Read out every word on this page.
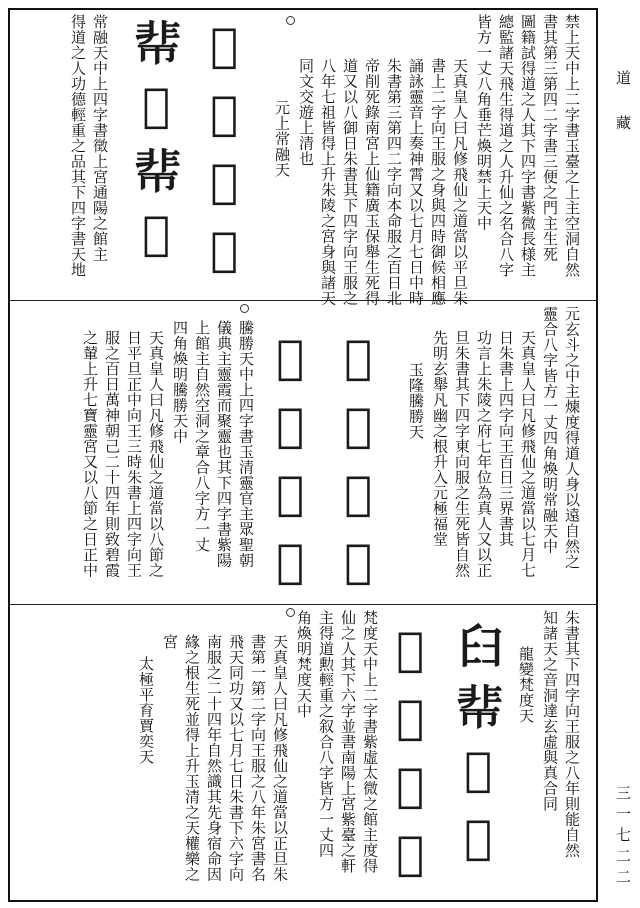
道藏
三一七二二
禁上天中上二字書玉臺之上主空洞自然
書其第三第四二字書三便之門主生死
圖籍試得道之人其下四字書紫微長様主
總監諸天飛生得道之人升仙之名合八字
皆方一丈八角垂芒煥明禁上天中
天真皇人曰凡修飛仙之道當以平旦朱
書上二字向王服之身與四時御候相應
誦詠靈音上奏神霄又以七月七日中時
朱書第三第四二字向本命服之百日北
帝削死錄南宮上仙籍廣玉保舉生死得
道又以八御日朱書其下四字向王服之
八年七祖皆得上升朱陵之宮身與諸天
同文交遊上清也
元上常融天
𧇊𧆳𩇱𥥀
𩇱𧆳𩇱𥥀
常融天中上四字書徵上宮通陽之館主
得道之人功德輕重之品其下四字書天地
元玄斗之中主煉度得道人身以遠自然之
靈合八字皆方一丈四角煥明常融天中
天真皇人曰凡修飛仙之道當以七月七
日朱書上四字向王百日三界書其
功言上朱陵之府七年位為真人又以正
旦朱書其下四字東向服之生死皆自然
先明玄舉凡幽之根升入元極福堂
玉隆騰勝天
𦉍𦥑𩇱𥥀
𧆳𧇊𩇱𥥀
騰勝天中上四字書玉清靈官主眾聖朝
儀典主靈霞而聚靈也其下四字書紫陽
上館主自然空洞之章合八字方一丈
四角煥明騰勝天中
天真皇人曰凡修飛仙之道當以八節之
日平旦正中向王三時朱書上四字向王
服之百日萬神朝己二十四年則致碧霞
之輦上升七寶靈宮又以八節之日正中
朱書其下四字向王服之八年則能自然
知諸天之音洞達玄虛與真合同
龍變梵度天
𦥑𩇱𧆳𥥀
𧇊𦉍𩇱𥥀
梵度天中上二字書紫虛太微之館主度得
仙之人其下六字並書南陽上宮紫臺之軒
主得道勲輕重之叙合八字皆方一丈四
角煥明梵度天中
天真皇人曰凡修飛仙之道當以正旦朱
書第一第二字向王服之八年朱宮書名
飛天同功又以七月七日朱書下六字向
南服之二十四年自然識其先身宿命因
緣之根生死並得上升玉清之天權樂之
宮
太極平育賈奕天
